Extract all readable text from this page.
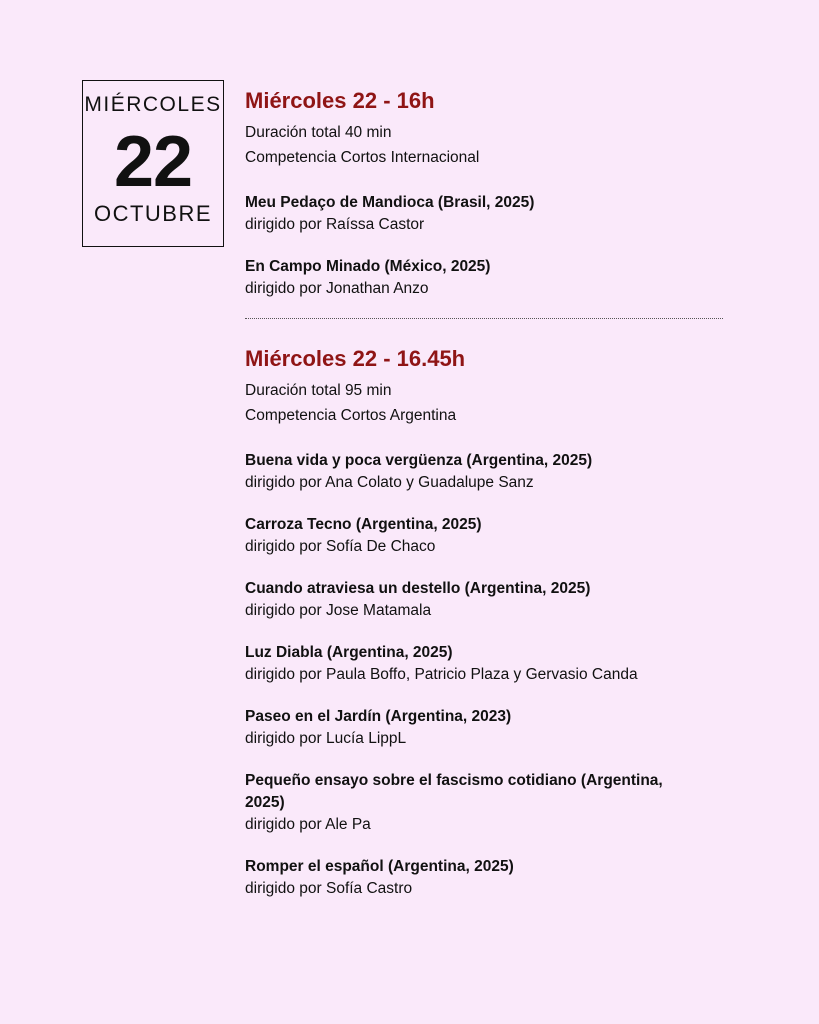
MIÉRCOLES
22
OCTUBRE
Miércoles 22 - 16h
Duración total 40 min
Competencia Cortos Internacional
Meu Pedaço de Mandioca (Brasil, 2025)
dirigido por Raíssa Castor
En Campo Minado (México, 2025)
dirigido por Jonathan Anzo
Miércoles 22 - 16.45h
Duración total 95 min
Competencia Cortos Argentina
Buena vida y poca vergüenza (Argentina, 2025)
dirigido por Ana Colato y Guadalupe Sanz
Carroza Tecno (Argentina, 2025)
dirigido por Sofía De Chaco
Cuando atraviesa un destello (Argentina, 2025)
dirigido por Jose Matamala
Luz Diabla (Argentina, 2025)
dirigido por Paula Boffo, Patricio Plaza y Gervasio Canda
Paseo en el Jardín (Argentina, 2023)
dirigido por Lucía LippL
Pequeño ensayo sobre el fascismo cotidiano (Argentina, 2025)
dirigido por Ale Pa
Romper el español (Argentina, 2025)
dirigido por Sofía Castro
